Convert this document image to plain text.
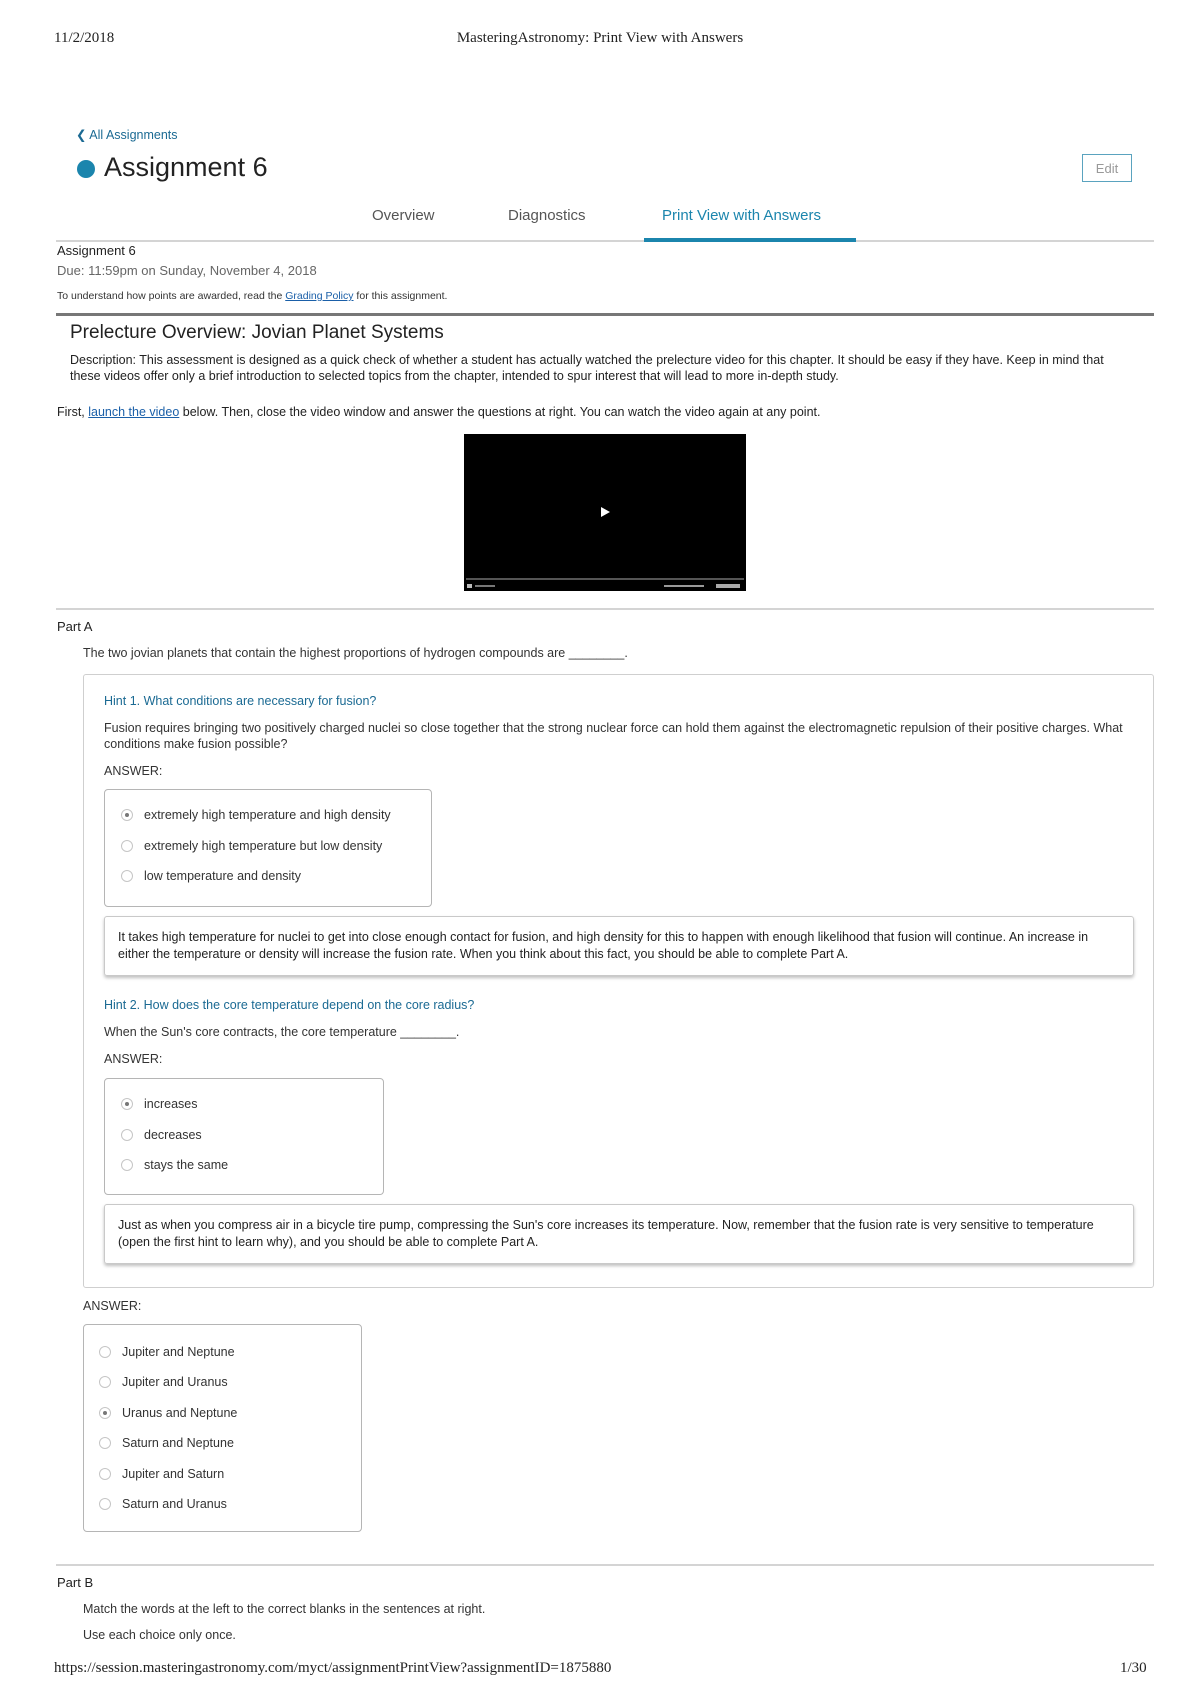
11/2/2018	MasteringAstronomy: Print View with Answers
❮ All Assignments
Assignment 6	Edit
Overview	Diagnostics	Print View with Answers
Assignment 6
Due: 11:59pm on Sunday, November 4, 2018
To understand how points are awarded, read the Grading Policy for this assignment.
Prelecture Overview: Jovian Planet Systems
Description: This assessment is designed as a quick check of whether a student has actually watched the prelecture video for this chapter. It should be easy if they have. Keep in mind that these videos offer only a brief introduction to selected topics from the chapter, intended to spur interest that will lead to more in-depth study.
First, launch the video below. Then, close the video window and answer the questions at right. You can watch the video again at any point.
Part A
The two jovian planets that contain the highest proportions of hydrogen compounds are ________.
Hint 1. What conditions are necessary for fusion?
Fusion requires bringing two positively charged nuclei so close together that the strong nuclear force can hold them against the electromagnetic repulsion of their positive charges. What conditions make fusion possible?
ANSWER:
extremely high temperature and high density
extremely high temperature but low density
low temperature and density
It takes high temperature for nuclei to get into close enough contact for fusion, and high density for this to happen with enough likelihood that fusion will continue. An increase in either the temperature or density will increase the fusion rate. When you think about this fact, you should be able to complete Part A.
Hint 2. How does the core temperature depend on the core radius?
When the Sun's core contracts, the core temperature ________.
ANSWER:
increases
decreases
stays the same
Just as when you compress air in a bicycle tire pump, compressing the Sun's core increases its temperature. Now, remember that the fusion rate is very sensitive to temperature (open the first hint to learn why), and you should be able to complete Part A.
ANSWER:
Jupiter and Neptune
Jupiter and Uranus
Uranus and Neptune
Saturn and Neptune
Jupiter and Saturn
Saturn and Uranus
Part B
Match the words at the left to the correct blanks in the sentences at right.
Use each choice only once.
https://session.masteringastronomy.com/myct/assignmentPrintView?assignmentID=1875880	1/30
